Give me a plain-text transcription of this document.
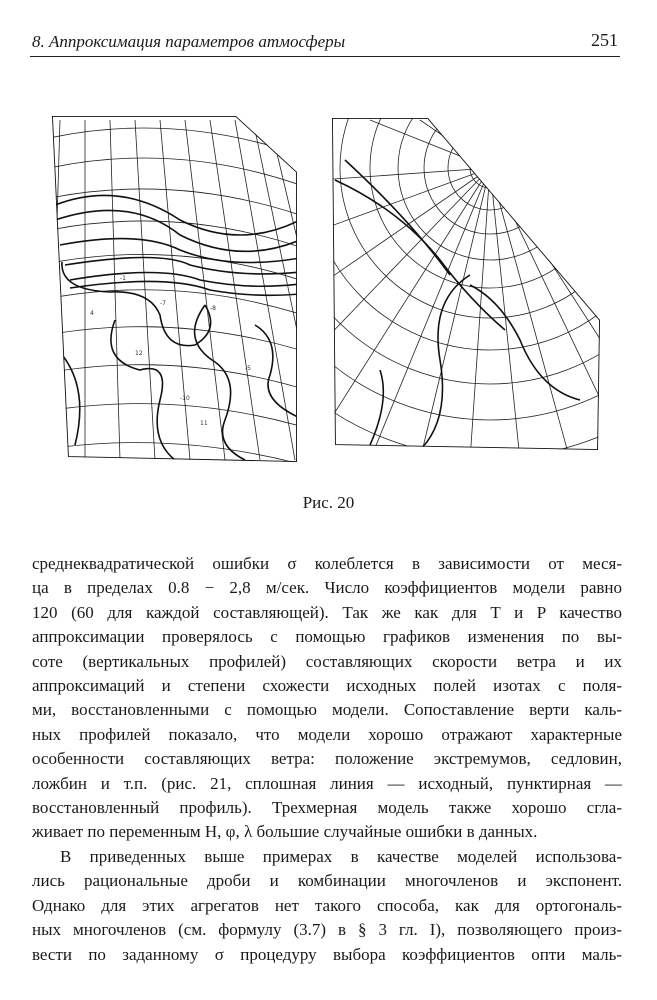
8. Аппроксимация параметров атмосферы	251
-1
-8
-7
12
-10
11
4
-5
Рис. 20
среднеквадратической ошибки σ колеблется в зависимости от меся-
ца в пределах 0.8 − 2,8 м/сек. Число коэффициентов модели равно
120 (60 для каждой составляющей). Так же как для T и P качество
аппроксимации проверялось с помощью графиков изменения по вы-
соте (вертикальных профилей) составляющих скорости ветра и их
аппроксимаций и степени схожести исходных полей изотах с поля-
ми, восстановленными с помощью модели. Сопоставление верти каль-
ных профилей показало, что модели хорошо отражают характерные
особенности составляющих ветра: положение экстремумов, седловин,
ложбин и т.п. (рис. 21, сплошная линия — исходный, пунктирная —
восстановленный профиль). Трехмерная модель также хорошо сгла-
живает по переменным H, φ, λ большие случайные ошибки в данных.
В приведенных выше примерах в качестве моделей использова-
лись рациональные дроби и комбинации многочленов и экспонент.
Однако для этих агрегатов нет такого способа, как для ортогональ-
ных многочленов (см. формулу (3.7) в § 3 гл. I), позволяющего произ-
вести по заданному σ процедуру выбора коэффициентов опти маль-
